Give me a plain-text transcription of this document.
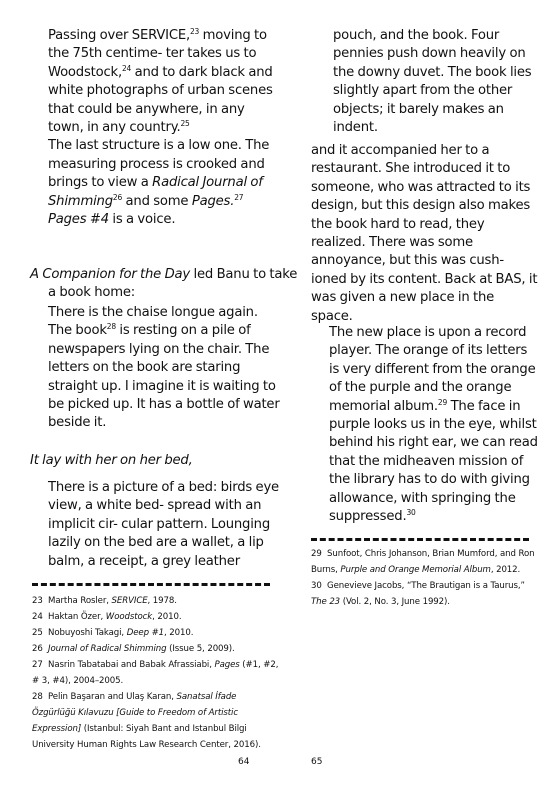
Passing over SERVICE,$^{23}$ moving to the 75th centime- ter takes us to Woodstock,$^{24}$ and to dark black and white photographs of urban scenes that could be anywhere, in any town, in any country.$^{25}$

The last structure is a low one. The measuring process is crooked and brings to view a Radical Journal of Shimming$^{26}$ and some Pages.$^{27}$ Pages #4 is a voice.

A Companion for the Day led Banu to take a book home:

There is the chaise longue again. The book$^{28}$ is resting on a pile of newspapers lying on the chair. The letters on the book are staring straight up. I imagine it is waiting to be picked up. It has a bottle of water beside it.

It lay with her on her bed,

There is a picture of a bed: birds eye view, a white bed- spread with an implicit cir- cular pattern. Lounging lazily on the bed are a wallet, a lip balm, a receipt, a grey leather

23 Martha Rosler, SERVICE, 1978.

24 Haktan Özer, Woodstock, 2010.

25 Nobuyoshi Takagi, Deep #1, 2010.

26 Journal of Radical Shimming (Issue 5, 2009).

27 Nasrin Tabatabai and Babak Afrassiabi, Pages (#1, #2, # 3, #4), 2004–2005.

28 Pelin Başaran and Ulaş Karan, Sanatsal İfade Özgürlüğü Kılavuzu [Guide to Freedom of Artistic Expression] (Istanbul: Siyah Bant and Istanbul Bilgi University Human Rights Law Research Center, 2016).

64

pouch, and the book. Four pennies push down heavily on the downy duvet. The book lies slightly apart from the other objects; it barely makes an indent.

and it accompanied her to a restaurant. She introduced it to someone, who was attracted to its design, but this design also makes the book hard to read, they realized. There was some annoyance, but this was cush- ioned by its content. Back at BAS, it was given a new place in the space.

The new place is upon a record player. The orange of its letters is very different from the orange of the purple and the orange memorial album.$^{29}$ The face in purple looks us in the eye, whilst behind his right ear, we can read that the midheaven mission of the library has to do with giving allowance, with springing the suppressed.$^{30}$

29 Sunfoot, Chris Johanson, Brian Mumford, and Ron Burns, Purple and Orange Memorial Album, 2012.

30 Genevieve Jacobs, “The Brautigan is a Taurus,” The 23 (Vol. 2, No. 3, June 1992).

65
